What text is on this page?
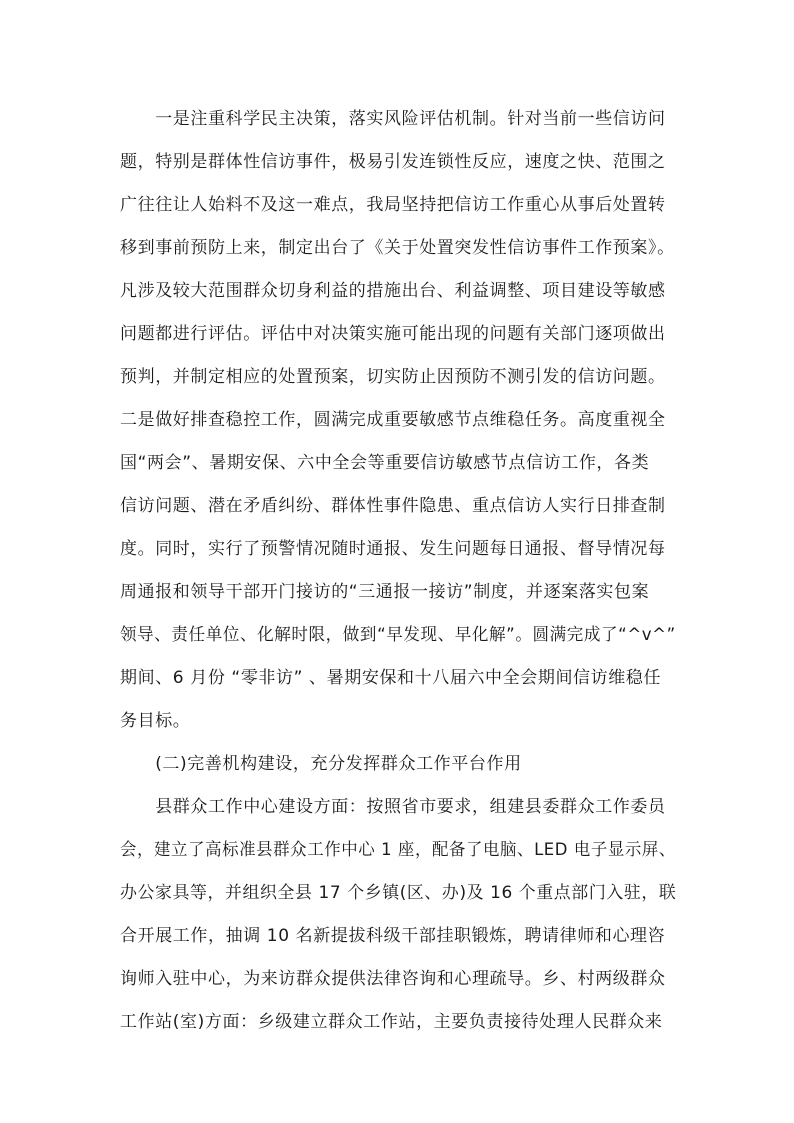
　　一是注重科学民主决策，落实风险评估机制。针对当前一些信访问
题，特别是群体性信访事件，极易引发连锁性反应，速度之快、范围之
广往往让人始料不及这一难点，我局坚持把信访工作重心从事后处置转
移到事前预防上来，制定出台了《关于处置突发性信访事件工作预案》。
凡涉及较大范围群众切身利益的措施出台、利益调整、项目建设等敏感
问题都进行评估。评估中对决策实施可能出现的问题有关部门逐项做出
预判，并制定相应的处置预案，切实防止因预防不测引发的信访问题。
二是做好排查稳控工作，圆满完成重要敏感节点维稳任务。高度重视全
国“两会”、暑期安保、六中全会等重要信访敏感节点信访工作，各类
信访问题、潜在矛盾纠纷、群体性事件隐患、重点信访人实行日排查制
度。同时，实行了预警情况随时通报、发生问题每日通报、督导情况每
周通报和领导干部开门接访的“三通报一接访”制度，并逐案落实包案
领导、责任单位、化解时限，做到“早发现、早化解”。圆满完成了“^v^”
期间、6 月份 “零非访” 、暑期安保和十八届六中全会期间信访维稳任
务目标。
　　(二)完善机构建设，充分发挥群众工作平台作用
　　县群众工作中心建设方面：按照省市要求，组建县委群众工作委员
会，建立了高标准县群众工作中心 1 座，配备了电脑、LED 电子显示屏、
办公家具等，并组织全县 17 个乡镇(区、办)及 16 个重点部门入驻，联
合开展工作，抽调 10 名新提拔科级干部挂职锻炼，聘请律师和心理咨
询师入驻中心，为来访群众提供法律咨询和心理疏导。乡、村两级群众
工作站(室)方面：乡级建立群众工作站，主要负责接待处理人民群众来
